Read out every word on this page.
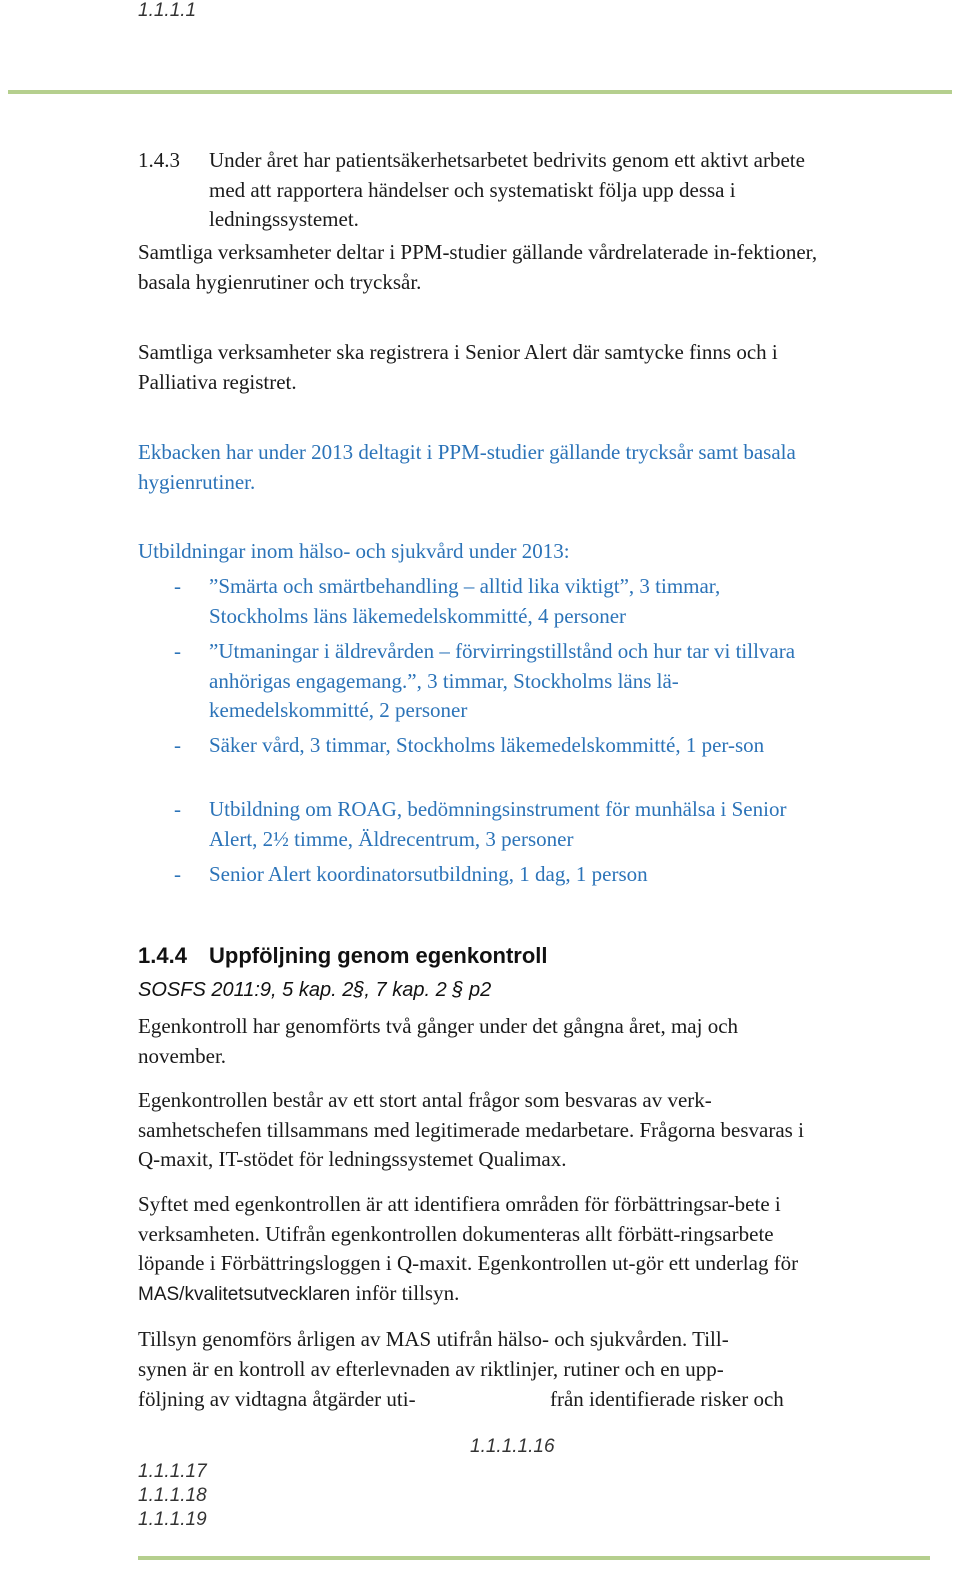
1.1.1.1
1.4.3 Under året har patientsäkerhetsarbetet bedrivits genom ett aktivt arbete med att rapportera händelser och systematiskt följa upp dessa i ledningssystemet.
Samtliga verksamheter deltar i PPM-studier gällande vårdrelaterade in-fektioner, basala hygienrutiner och trycksår.
Samtliga verksamheter ska registrera i Senior Alert där samtycke finns och i Palliativa registret.
Ekbacken har under 2013 deltagit i PPM-studier gällande trycksår samt basala hygienrutiner.
Utbildningar inom hälso- och sjukvård under 2013:
- ”Smärta och smärtbehandling – alltid lika viktigt”, 3 timmar, Stockholms läns läkemedelskommitté, 4 personer
- ”Utmaningar i äldrevården – förvirringstillstånd och hur tar vi tillvara anhörigas engagemang.”, 3 timmar, Stockholms läns lä-kemedelskommitté, 2 personer
- Säker vård, 3 timmar, Stockholms läkemedelskommitté, 1 per-son
- Utbildning om ROAG, bedömningsinstrument för munhälsa i Senior Alert, 2½ timme, Äldrecentrum, 3 personer
- Senior Alert koordinatorsutbildning, 1 dag, 1 person
1.4.4 Uppföljning genom egenkontroll
SOSFS 2011:9, 5 kap. 2§, 7 kap. 2 § p2
Egenkontroll har genomförts två gånger under det gångna året, maj och november.
Egenkontrollen består av ett stort antal frågor som besvaras av verk-samhetschefen tillsammans med legitimerade medarbetare. Frågorna besvaras i Q-maxit, IT-stödet för ledningssystemet Qualimax.
Syftet med egenkontrollen är att identifiera områden för förbättringsar-bete i verksamheten. Utifrån egenkontrollen dokumenteras allt förbätt-ringsarbete löpande i Förbättringsloggen i Q-maxit. Egenkontrollen ut-gör ett underlag för MAS/kvalitetsutvecklaren inför tillsyn.
Tillsyn genomförs årligen av MAS utifrån hälso- och sjukvården. Till-
synen är en kontroll av efterlevnaden av riktlinjer, rutiner och en upp-
följning av vidtagna åtgärder uti-	från identifierade risker och
1.1.1.1.16
1.1.1.17
1.1.1.18
1.1.1.19
